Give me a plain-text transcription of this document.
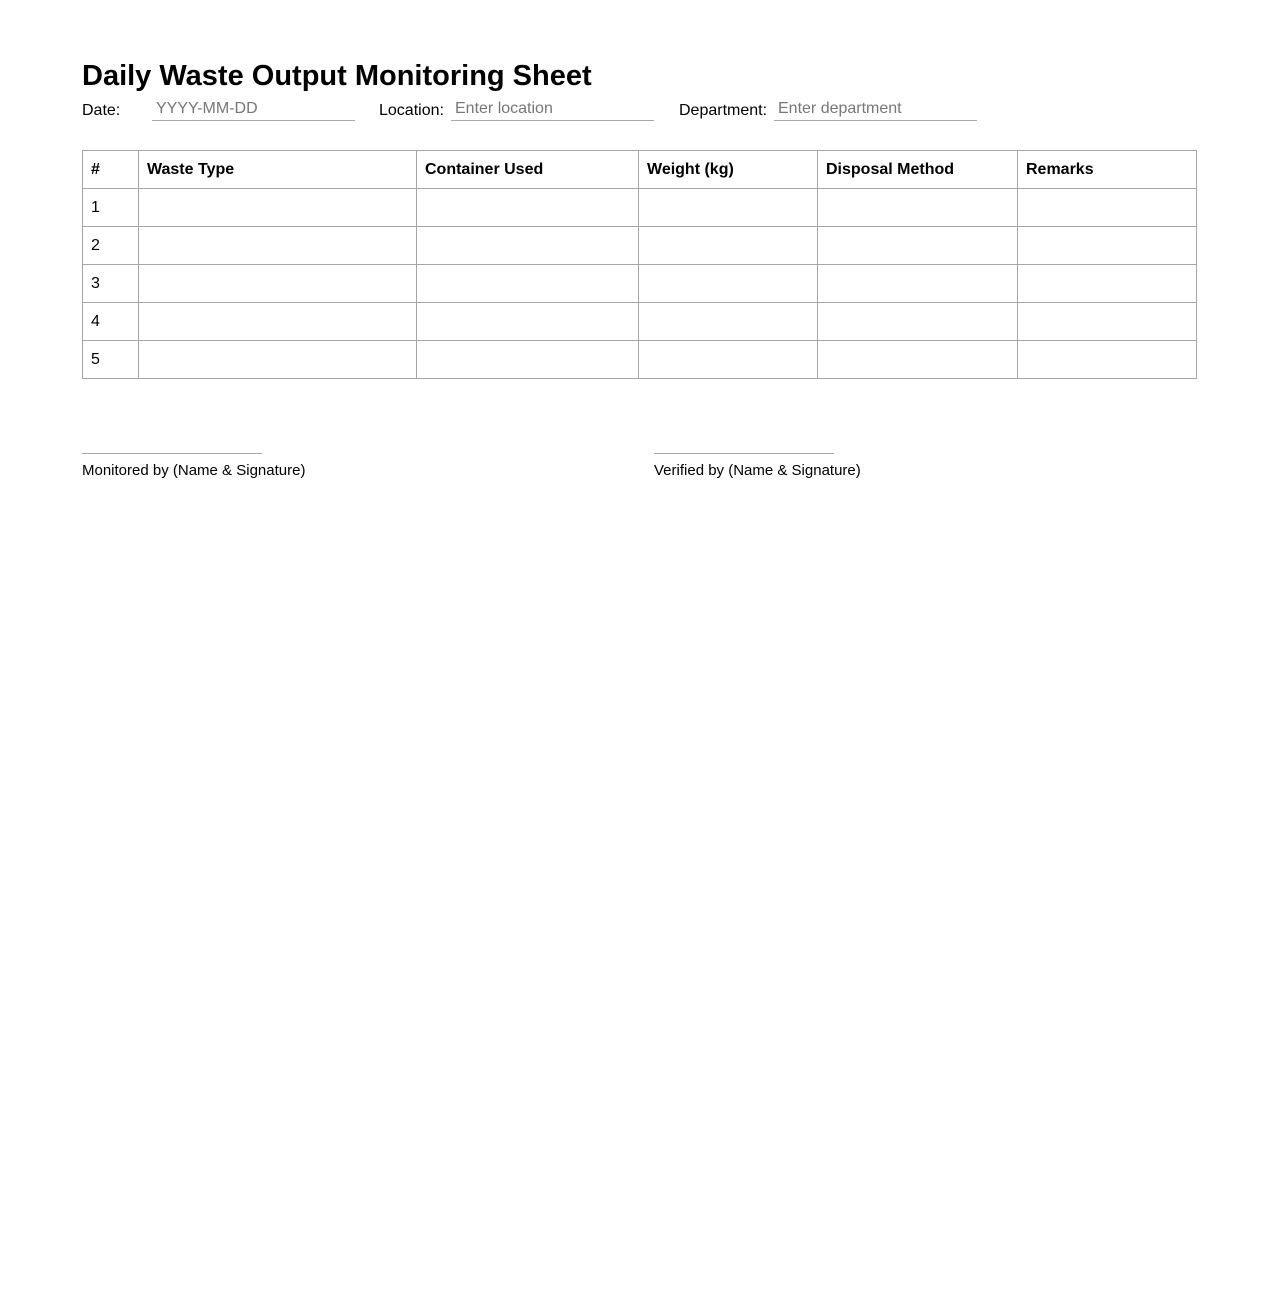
Daily Waste Output Monitoring Sheet
Date:
YYYY-MM-DD	Location:
Enter location	Department:
Enter department
#	Waste Type	Container Used	Weight (kg)	Disposal Method	Remarks
1					
2					
3					
4					
5					
Monitored by (Name & Signature)	Verified by (Name & Signature)
